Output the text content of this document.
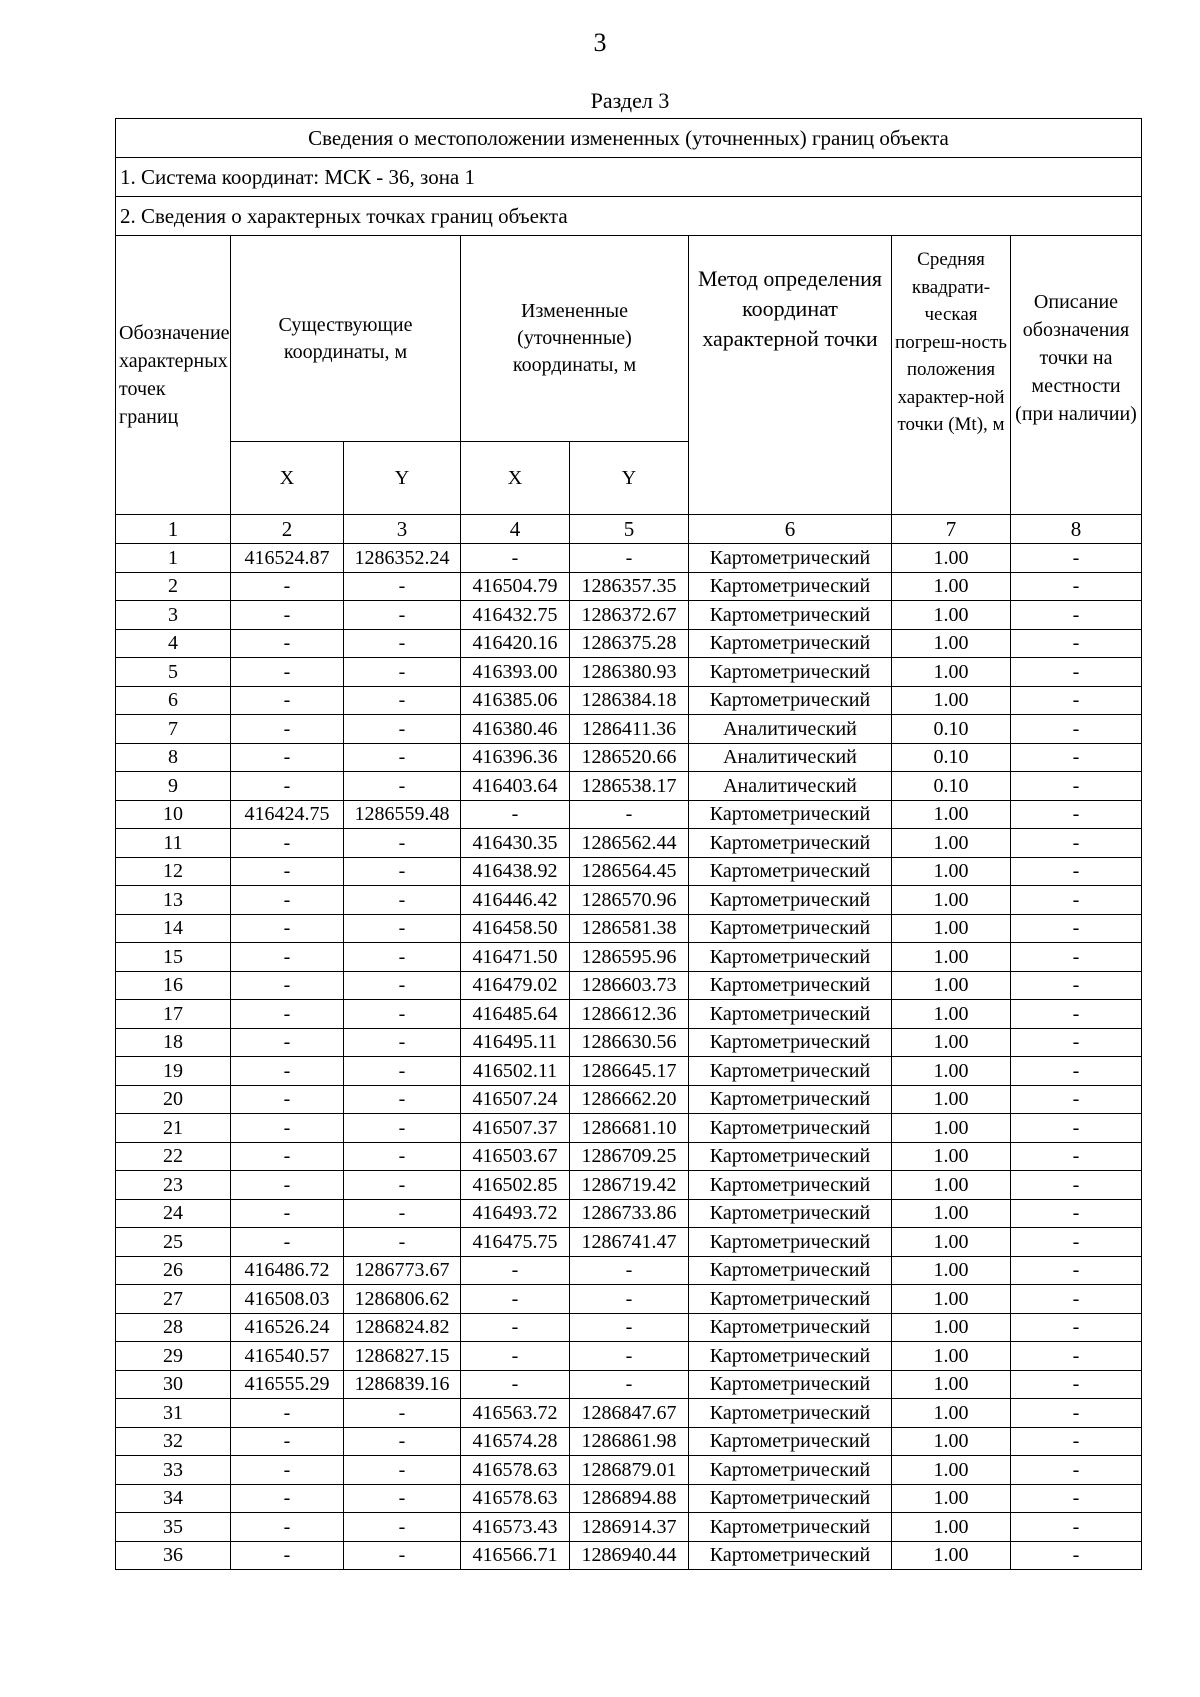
3
Раздел 3
Сведения о местоположении измененных (уточненных) границ объекта							
1. Система координат: МСК - 36, зона 1							
2. Сведения о характерных точках границ объекта							
Обозначение характерных точек границ	Существующие координаты, м		Измененные (уточненные) координаты, м		Метод определения координат характерной точки	Средняя квадрати-ческая погреш-ность положения характер-ной точки (Mt), м	Описание обозначения точки на местности (при наличии)
	X	Y	X	Y			
1	2	3	4	5	6	7	8
1	416524.87	1286352.24	-	-	Картометрический	1.00	-
2	-	-	416504.79	1286357.35	Картометрический	1.00	-
3	-	-	416432.75	1286372.67	Картометрический	1.00	-
4	-	-	416420.16	1286375.28	Картометрический	1.00	-
5	-	-	416393.00	1286380.93	Картометрический	1.00	-
6	-	-	416385.06	1286384.18	Картометрический	1.00	-
7	-	-	416380.46	1286411.36	Аналитический	0.10	-
8	-	-	416396.36	1286520.66	Аналитический	0.10	-
9	-	-	416403.64	1286538.17	Аналитический	0.10	-
10	416424.75	1286559.48	-	-	Картометрический	1.00	-
11	-	-	416430.35	1286562.44	Картометрический	1.00	-
12	-	-	416438.92	1286564.45	Картометрический	1.00	-
13	-	-	416446.42	1286570.96	Картометрический	1.00	-
14	-	-	416458.50	1286581.38	Картометрический	1.00	-
15	-	-	416471.50	1286595.96	Картометрический	1.00	-
16	-	-	416479.02	1286603.73	Картометрический	1.00	-
17	-	-	416485.64	1286612.36	Картометрический	1.00	-
18	-	-	416495.11	1286630.56	Картометрический	1.00	-
19	-	-	416502.11	1286645.17	Картометрический	1.00	-
20	-	-	416507.24	1286662.20	Картометрический	1.00	-
21	-	-	416507.37	1286681.10	Картометрический	1.00	-
22	-	-	416503.67	1286709.25	Картометрический	1.00	-
23	-	-	416502.85	1286719.42	Картометрический	1.00	-
24	-	-	416493.72	1286733.86	Картометрический	1.00	-
25	-	-	416475.75	1286741.47	Картометрический	1.00	-
26	416486.72	1286773.67	-	-	Картометрический	1.00	-
27	416508.03	1286806.62	-	-	Картометрический	1.00	-
28	416526.24	1286824.82	-	-	Картометрический	1.00	-
29	416540.57	1286827.15	-	-	Картометрический	1.00	-
30	416555.29	1286839.16	-	-	Картометрический	1.00	-
31	-	-	416563.72	1286847.67	Картометрический	1.00	-
32	-	-	416574.28	1286861.98	Картометрический	1.00	-
33	-	-	416578.63	1286879.01	Картометрический	1.00	-
34	-	-	416578.63	1286894.88	Картометрический	1.00	-
35	-	-	416573.43	1286914.37	Картометрический	1.00	-
36	-	-	416566.71	1286940.44	Картометрический	1.00	-
